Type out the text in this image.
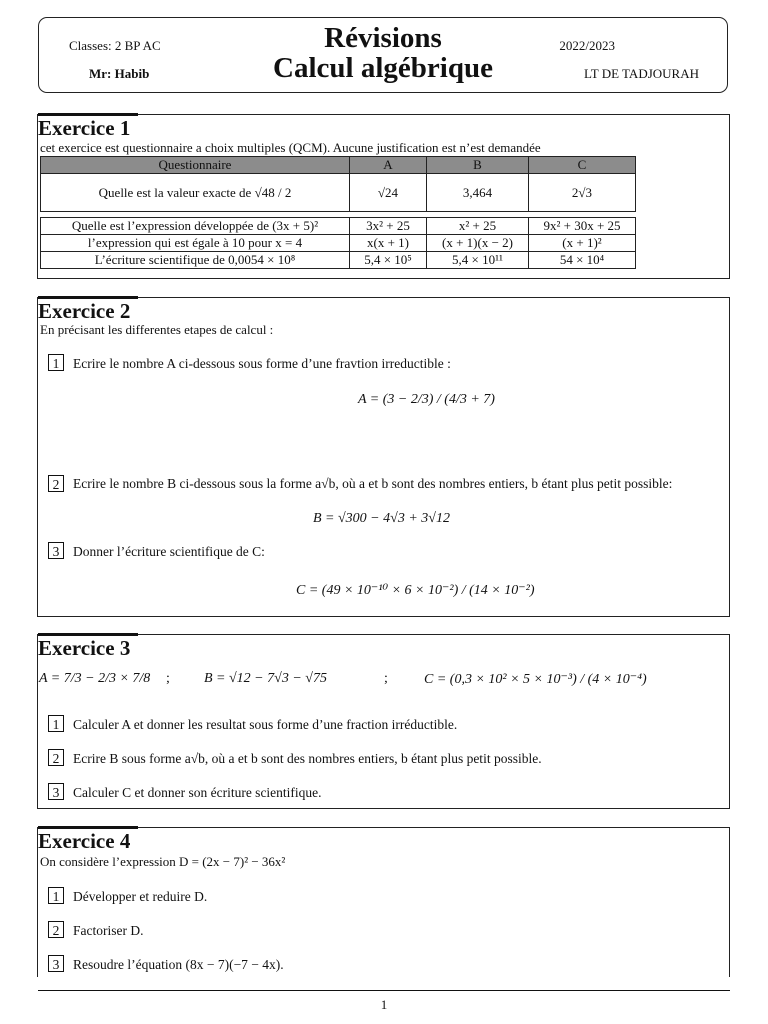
Classes: 2 BP AC
Mr: Habib
Révisions
Calcul algébrique
2022/2023
LT DE TADJOURAH
Exercice 1
cet exercice est questionnaire a choix multiples (QCM). Aucune justification est n’est demandée
Questionnaire	A	B	C
Quelle est la valeur exacte de √48 / 2	√24	3,464	2√3

Quelle est l’expression développée de (3x + 5)²	3x² + 25	x² + 25	9x² + 30x + 25
l’expression qui est égale à 10 pour x = 4	x(x + 1)	(x + 1)(x − 2)	(x + 1)²
L’écriture scientifique de 0,0054 × 10⁸	5,4 × 10⁵	5,4 × 10¹¹	54 × 10⁴
Exercice 2
En précisant les differentes etapes de calcul :
1 Ecrire le nombre A ci-dessous sous forme d’une fravtion irreductible :
A = (3 − 2/3) / (4/3 + 7)
2	Ecrire le nombre B ci-dessous sous la forme a√b, où a et b sont des nombres entiers, b étant plus petit possible:
B = √300 − 4√3 + 3√12
3 Donner l’écriture scientifique de C:
C = (49 × 10⁻¹⁰ × 6 × 10⁻²) / (14 × 10⁻²)
Exercice 3
A = 7/3 − 2/3 × 7/8 ; B = √12 − 7√3 − √75	;	C = (0,3 × 10² × 5 × 10⁻³) / (4 × 10⁻⁴)
1 Calculer A et donner les resultat sous forme d’une fraction irréductible.
2 Ecrire B sous forme a√b, où a et b sont des nombres entiers, b étant plus petit possible.
3 Calculer C et donner son écriture scientifique.
Exercice 4
On considère l’expression D = (2x − 7)² − 36x²
1 Développer et reduire D.
2 Factoriser D.
3 Resoudre l’équation (8x − 7)(−7 − 4x).
1
